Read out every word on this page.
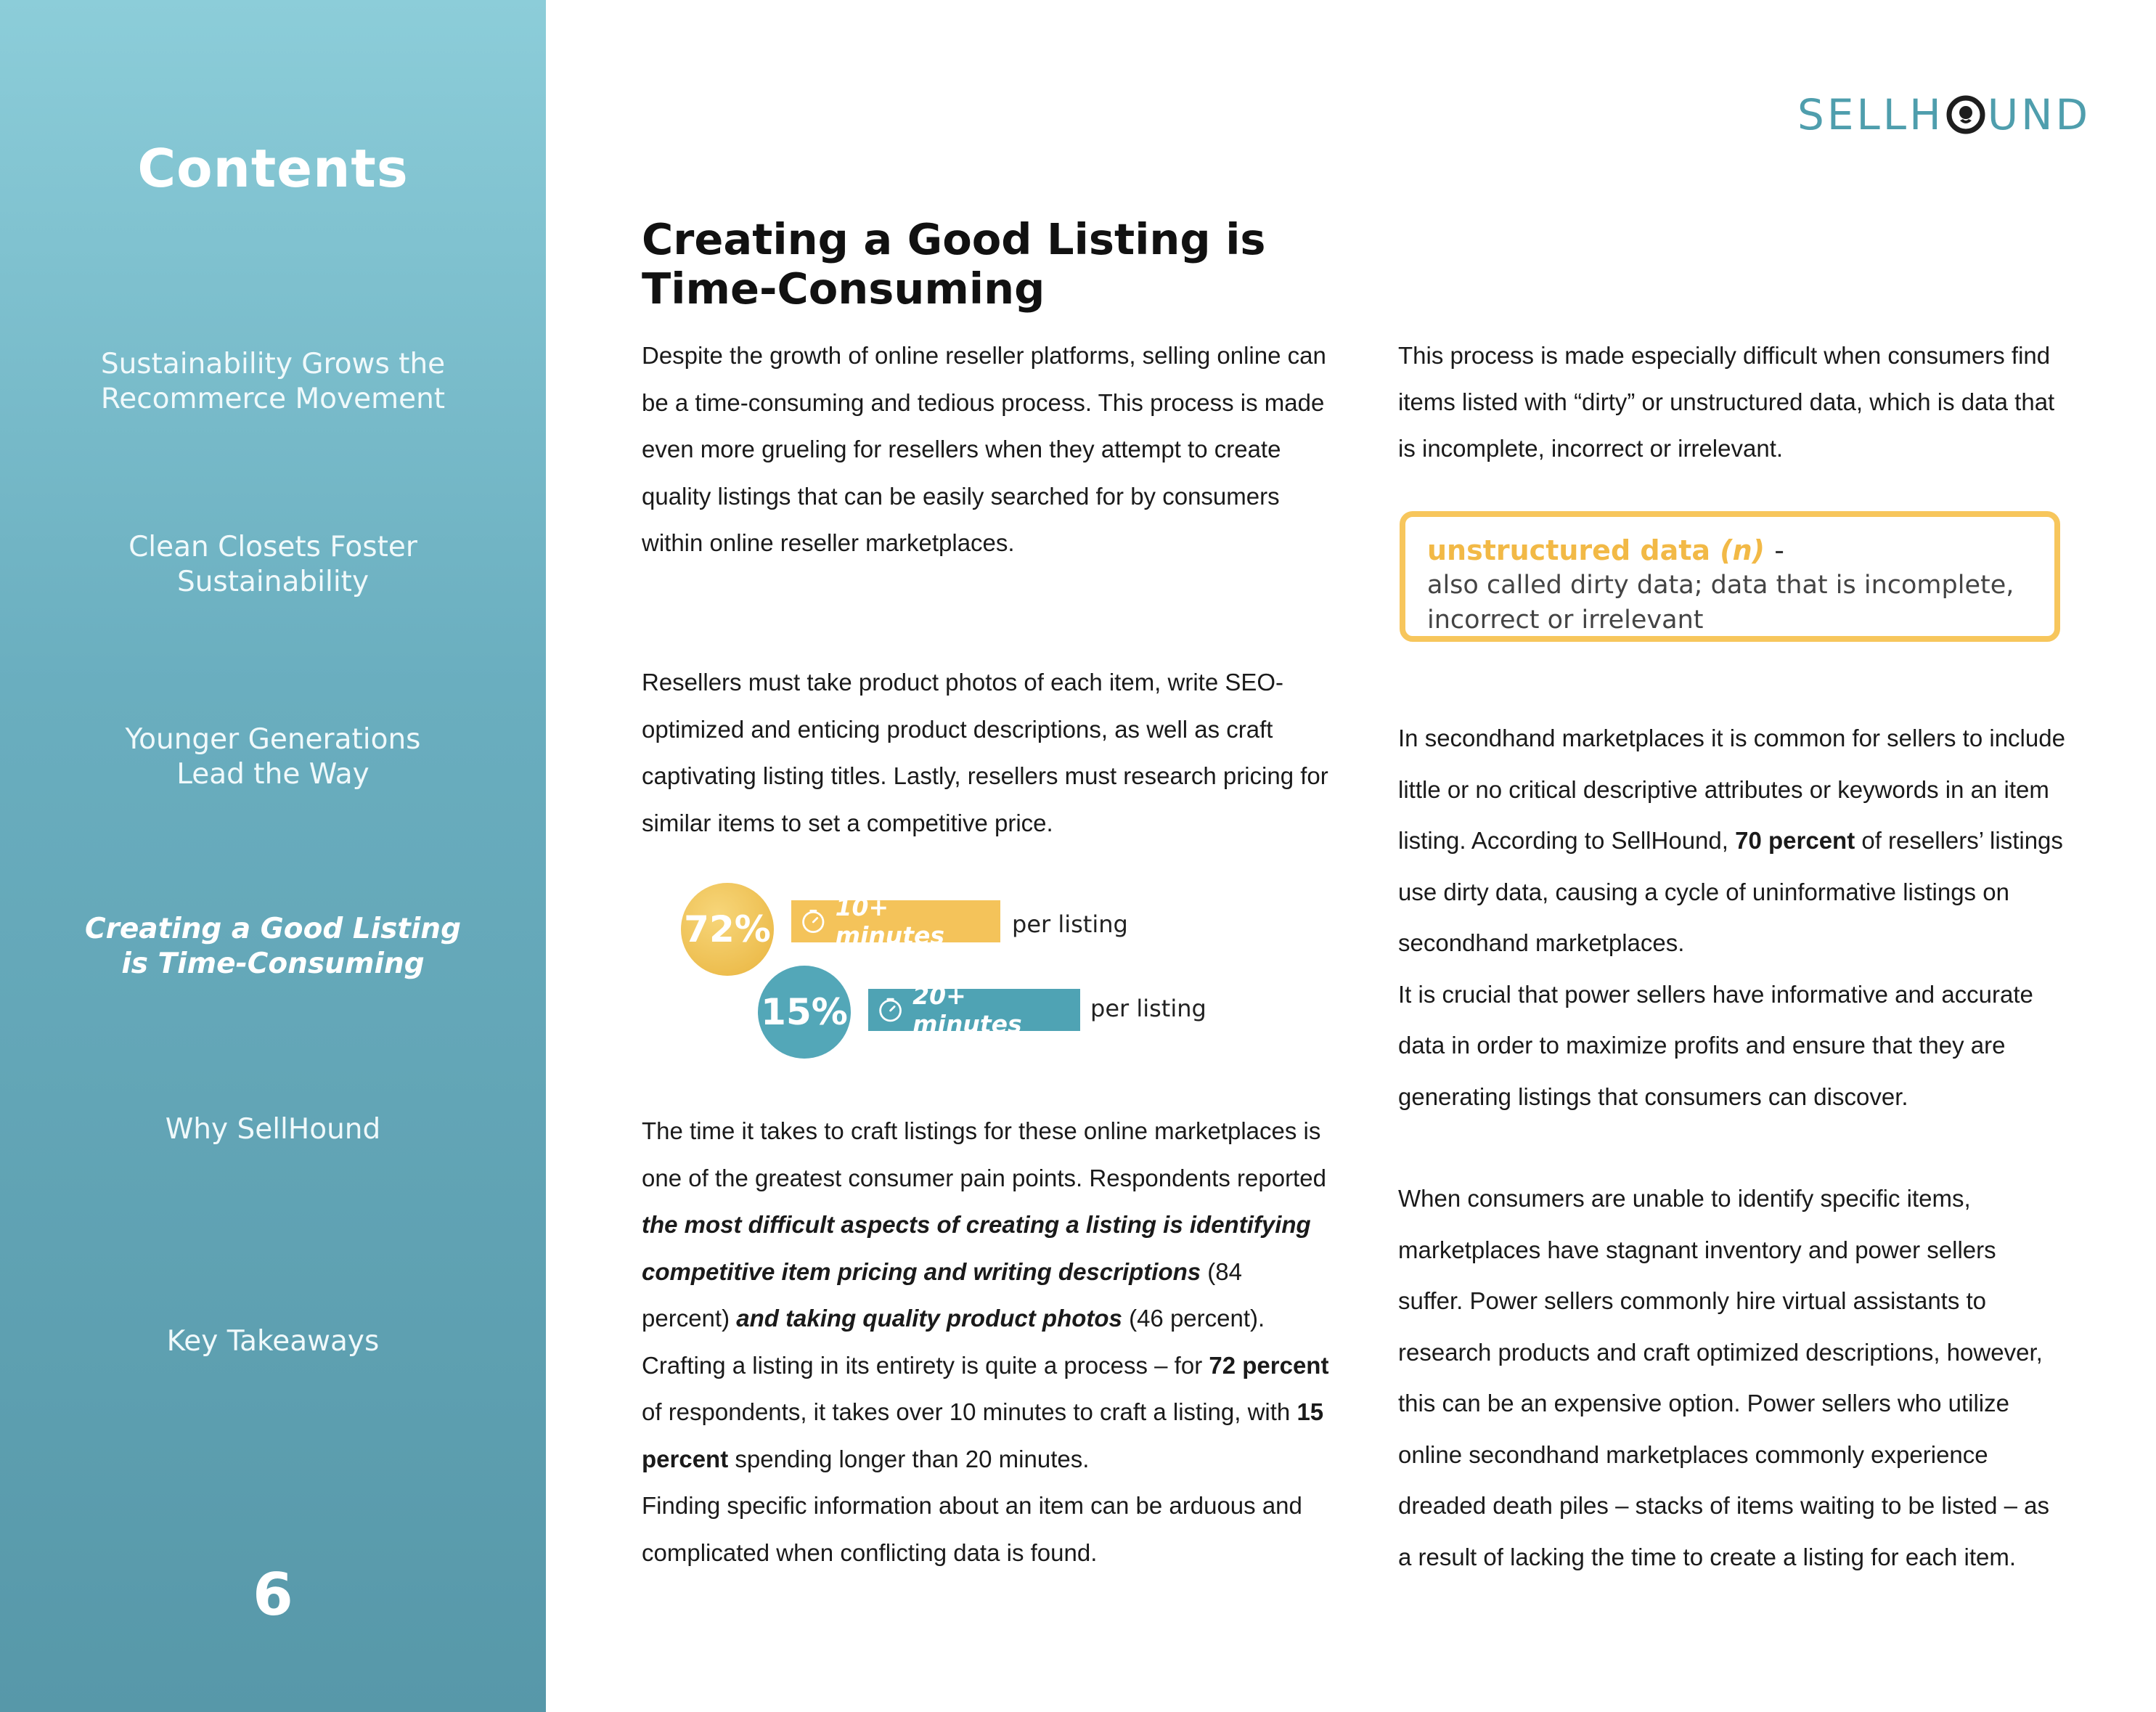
Contents
Sustainability Grows the
Recommerce Movement
Clean Closets Foster
Sustainability
Younger Generations
Lead the Way
Creating a Good Listing
is Time-Consuming
Why SellHound
Key Takeaways
6
SELLH UND
Creating a Good Listing is
Time-Consuming
Despite the growth of online reseller platforms, selling online can be a time-consuming and tedious process. This process is made even more grueling for resellers when they attempt to create quality listings that can be easily searched for by consumers within online reseller marketplaces.
Resellers must take product photos of each item, write SEO-optimized and enticing product descriptions, as well as craft captivating listing titles. Lastly, resellers must research pricing for similar items to set a competitive price.
72%
10+ minutes	per listing
15%	20+ minutes
per listing
The time it takes to craft listings for these online marketplaces is one of the greatest consumer pain points. Respondents reported the most difficult aspects of creating a listing is identifying competitive item pricing and writing descriptions (84 percent) and taking quality product photos (46 percent). Crafting a listing in its entirety is quite a process – for 72 percent of respondents, it takes over 10 minutes to craft a listing, with 15 percent spending longer than 20 minutes.
Finding specific information about an item can be arduous and complicated when conflicting data is found.
This process is made especially difficult when consumers find items listed with “dirty” or unstructured data, which is data that is incomplete, incorrect or irrelevant.
unstructured data (n) -
also called dirty data; data that is incomplete, incorrect or irrelevant
In secondhand marketplaces it is common for sellers to include little or no critical descriptive attributes or keywords in an item listing. According to SellHound, 70 percent of resellers’ listings use dirty data, causing a cycle of uninformative listings on secondhand marketplaces.
It is crucial that power sellers have informative and accurate data in order to maximize profits and ensure that they are generating listings that consumers can discover.
When consumers are unable to identify specific items, marketplaces have stagnant inventory and power sellers suffer. Power sellers commonly hire virtual assistants to research products and craft optimized descriptions, however, this can be an expensive option. Power sellers who utilize online secondhand marketplaces commonly experience dreaded death piles – stacks of items waiting to be listed – as a result of lacking the time to create a listing for each item.
